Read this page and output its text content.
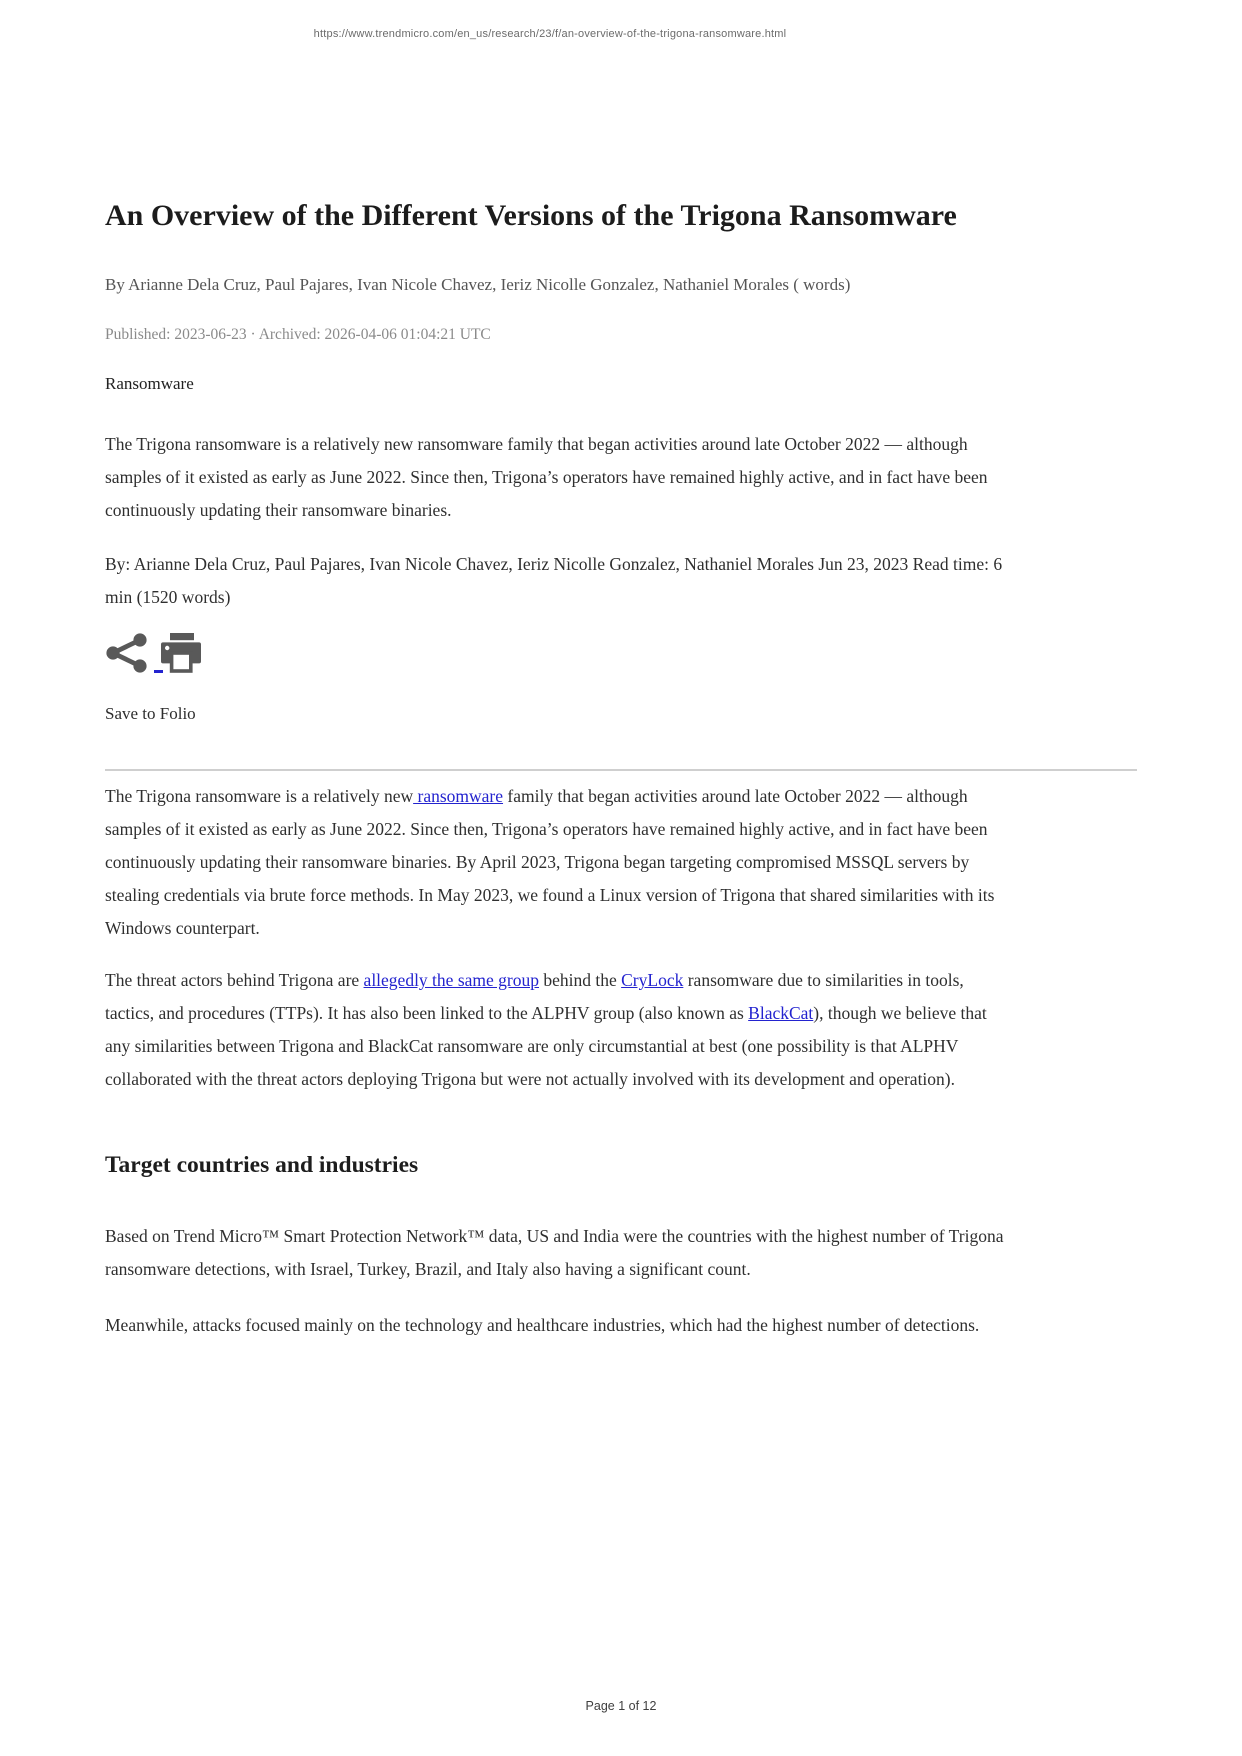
https://www.trendmicro.com/en_us/research/23/f/an-overview-of-the-trigona-ransomware.html
An Overview of the Different Versions of the Trigona Ransomware
By Arianne Dela Cruz, Paul Pajares, Ivan Nicole Chavez, Ieriz Nicolle Gonzalez, Nathaniel Morales ( words)
Published: 2023-06-23 · Archived: 2026-04-06 01:04:21 UTC
Ransomware

The Trigona ransomware is a relatively new ransomware family that began activities around late October 2022 — although samples of it existed as early as June 2022. Since then, Trigona’s operators have remained highly active, and in fact have been continuously updating their ransomware binaries.

By: Arianne Dela Cruz, Paul Pajares, Ivan Nicole Chavez, Ieriz Nicolle Gonzalez, Nathaniel Morales Jun 23, 2023 Read time: 6 min (1520 words)

Save to Folio

The Trigona ransomware is a relatively new ransomware family that began activities around late October 2022 — although samples of it existed as early as June 2022. Since then, Trigona’s operators have remained highly active, and in fact have been continuously updating their ransomware binaries. By April 2023, Trigona began targeting compromised MSSQL servers by stealing credentials via brute force methods. In May 2023, we found a Linux version of Trigona that shared similarities with its Windows counterpart.

The threat actors behind Trigona are allegedly the same group behind the CryLock ransomware due to similarities in tools, tactics, and procedures (TTPs). It has also been linked to the ALPHV group (also known as BlackCat), though we believe that any similarities between Trigona and BlackCat ransomware are only circumstantial at best (one possibility is that ALPHV collaborated with the threat actors deploying Trigona but were not actually involved with its development and operation).

Target countries and industries

Based on Trend Micro™ Smart Protection Network™ data, US and India were the countries with the highest number of Trigona ransomware detections, with Israel, Turkey, Brazil, and Italy also having a significant count.

Meanwhile, attacks focused mainly on the technology and healthcare industries, which had the highest number of detections.

Page 1 of 12
